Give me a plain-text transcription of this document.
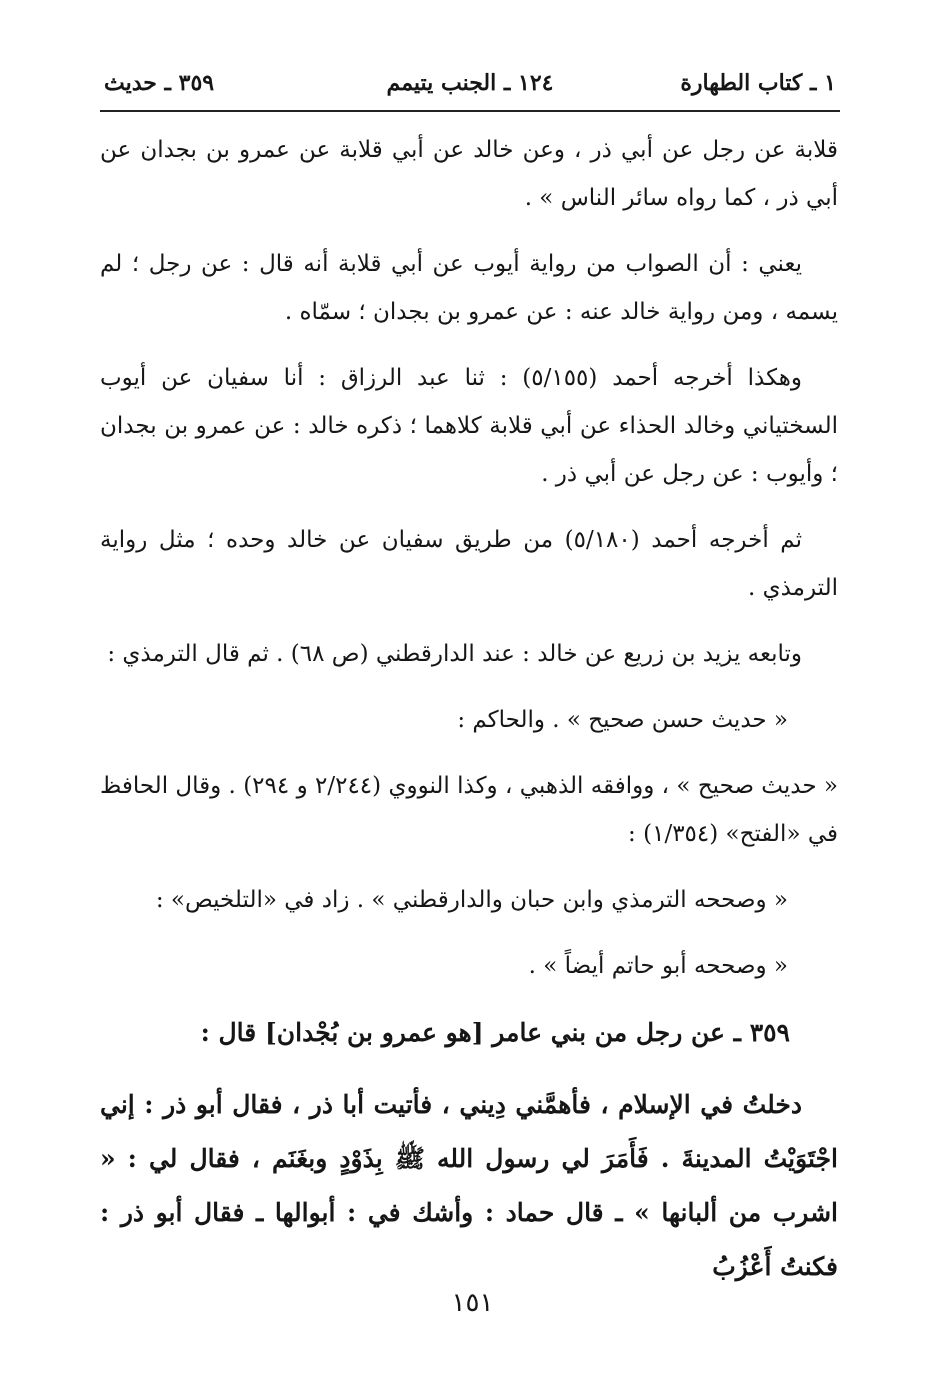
١ ـ كتاب الطهارة
١٢٤ ـ الجنب يتيمم
٣٥٩ ـ حديث

قلابة عن رجل عن أبي ذر ، وعن خالد عن أبي قلابة عن عمرو بن بجدان عن أبي ذر ، كما رواه سائر الناس » .

يعني : أن الصواب من رواية أيوب عن أبي قلابة أنه قال : عن رجل ؛ لم يسمه ، ومن رواية خالد عنه : عن عمرو بن بجدان ؛ سمّاه .

وهكذا أخرجه أحمد (٥/١٥٥) : ثنا عبد الرزاق : أنا سفيان عن أيوب السختياني وخالد الحذاء عن أبي قلابة كلاهما ؛ ذكره خالد : عن عمرو بن بجدان ؛ وأيوب : عن رجل عن أبي ذر .

ثم أخرجه أحمد (٥/١٨٠) من طريق سفيان عن خالد وحده ؛ مثل رواية الترمذي .

وتابعه يزيد بن زريع عن خالد : عند الدارقطني (ص ٦٨) . ثم قال الترمذي :

« حديث حسن صحيح » . والحاكم :

« حديث صحيح » ، ووافقه الذهبي ، وكذا النووي (٢/٢٤٤ و ٢٩٤) . وقال الحافظ في «الفتح» (١/٣٥٤) :

« وصححه الترمذي وابن حبان والدارقطني » . زاد في «التلخيص» :

« وصححه أبو حاتم أيضاً » .

٣٥٩ ـ عن رجل من بني عامر [هو عمرو بن بُجْدان] قال :

دخلتُ في الإسلام ، فأهمَّني دِيني ، فأتيت أبا ذر ، فقال أبو ذر : إني اجْتَوَيْتُ المدينةَ . فَأَمَرَ لي رسول الله ﷺ بِذَوْدٍ وبغَنَم ، فقال لي : « اشرب من ألبانها » ـ قال حماد : وأشك في : أبوالها ـ فقال أبو ذر : فكنتُ أَعْزُبُ

١٥١
